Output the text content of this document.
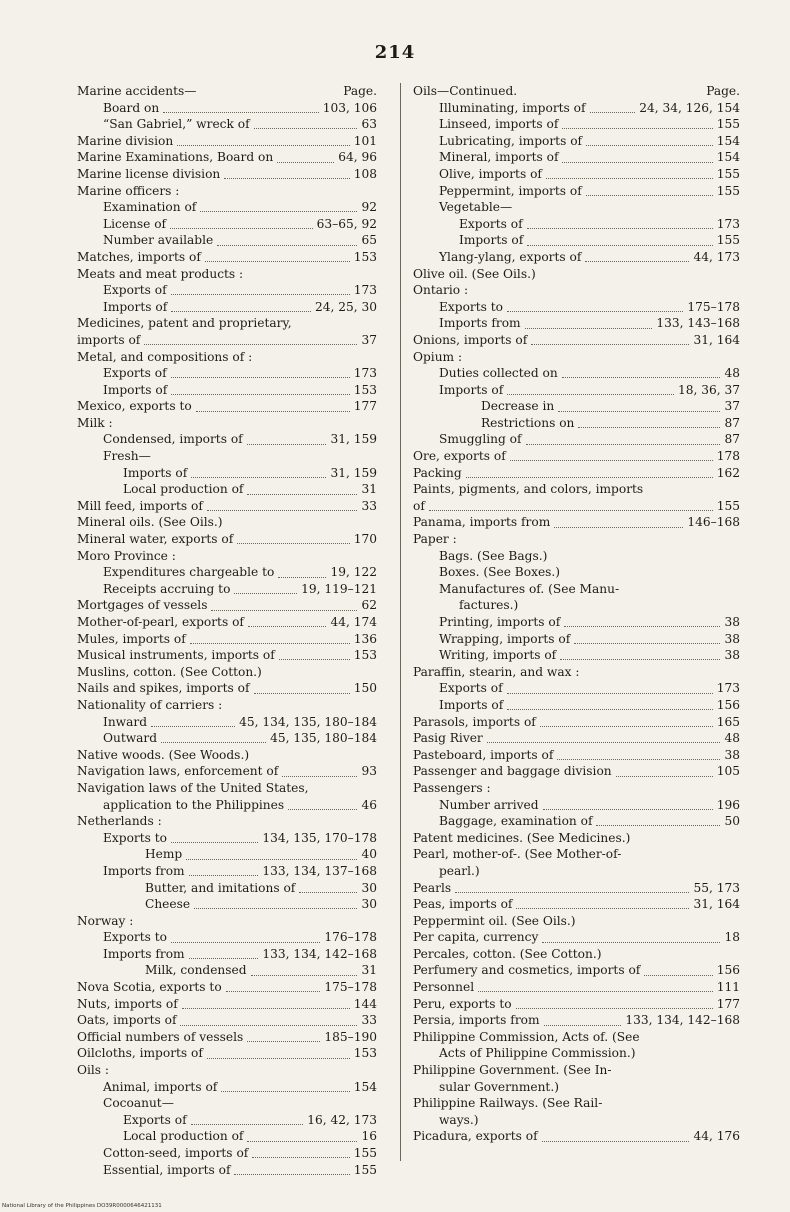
214
Marine accidents—	Page.
Board on	103, 106
“San Gabriel,” wreck of	63
Marine division	101
Marine Examinations, Board on	64, 96
Marine license division	108
Marine officers :
Examination of	92
License of	63–65, 92
Number available	65
Matches, imports of	153
Meats and meat products :
Exports of	173
Imports of	24, 25, 30
Medicines, patent and proprietary,
imports of	37
Metal, and compositions of :
Exports of	173
Imports of	153
Mexico, exports to	177
Milk :
Condensed, imports of	31, 159
Fresh—
Imports of	31, 159
Local production of	31
Mill feed, imports of	33
Mineral oils. (See Oils.)
Mineral water, exports of	170
Moro Province :
Expenditures chargeable to	19, 122
Receipts accruing to	19, 119–121
Mortgages of vessels	62
Mother-of-pearl, exports of	44, 174
Mules, imports of	136
Musical instruments, imports of	153
Muslins, cotton. (See Cotton.)
Nails and spikes, imports of	150
Nationality of carriers :
Inward	45, 134, 135, 180–184
Outward	45, 135, 180–184
Native woods. (See Woods.)
Navigation laws, enforcement of	93
Navigation laws of the United States,
application to the Philippines	46
Netherlands :
Exports to	134, 135, 170–178
Hemp	40
Imports from	133, 134, 137–168
Butter, and imitations of	30
Cheese	30
Norway :
Exports to	176–178
Imports from	133, 134, 142–168
Milk, condensed	31
Nova Scotia, exports to	175–178
Nuts, imports of	144
Oats, imports of	33
Official numbers of vessels	185–190
Oilcloths, imports of	153
Oils :
Animal, imports of	154
Cocoanut—
Exports of	16, 42, 173
Local production of	16
Cotton-seed, imports of	155
Essential, imports of	155
Oils—Continued.	Page.
Illuminating, imports of	24, 34, 126, 154
Linseed, imports of	155
Lubricating, imports of	154
Mineral, imports of	154
Olive, imports of	155
Peppermint, imports of	155
Vegetable—
Exports of	173
Imports of	155
Ylang-ylang, exports of	44, 173
Olive oil. (See Oils.)
Ontario :
Exports to	175–178
Imports from	133, 143–168
Onions, imports of	31, 164
Opium :
Duties collected on	48
Imports of	18, 36, 37
Decrease in	37
Restrictions on	87
Smuggling of	87
Ore, exports of	178
Packing	162
Paints, pigments, and colors, imports
of	155
Panama, imports from	146–168
Paper :
Bags. (See Bags.)
Boxes. (See Boxes.)
Manufactures of. (See Manu-
factures.)
Printing, imports of	38
Wrapping, imports of	38
Writing, imports of	38
Paraffin, stearin, and wax :
Exports of	173
Imports of	156
Parasols, imports of	165
Pasig River	48
Pasteboard, imports of	38
Passenger and baggage division	105
Passengers :
Number arrived	196
Baggage, examination of	50
Patent medicines. (See Medicines.)
Pearl, mother-of-. (See Mother-of-
pearl.)
Pearls	55, 173
Peas, imports of	31, 164
Peppermint oil. (See Oils.)
Per capita, currency	18
Percales, cotton. (See Cotton.)
Perfumery and cosmetics, imports of	156
Personnel	111
Peru, exports to	177
Persia, imports from	133, 134, 142–168
Philippine Commission, Acts of. (See
Acts of Philippine Commission.)
Philippine Government. (See In-
sular Government.)
Philippine Railways. (See Rail-
ways.)
Picadura, exports of	44, 176
National Library of the Philippines DO39R0000646421131
